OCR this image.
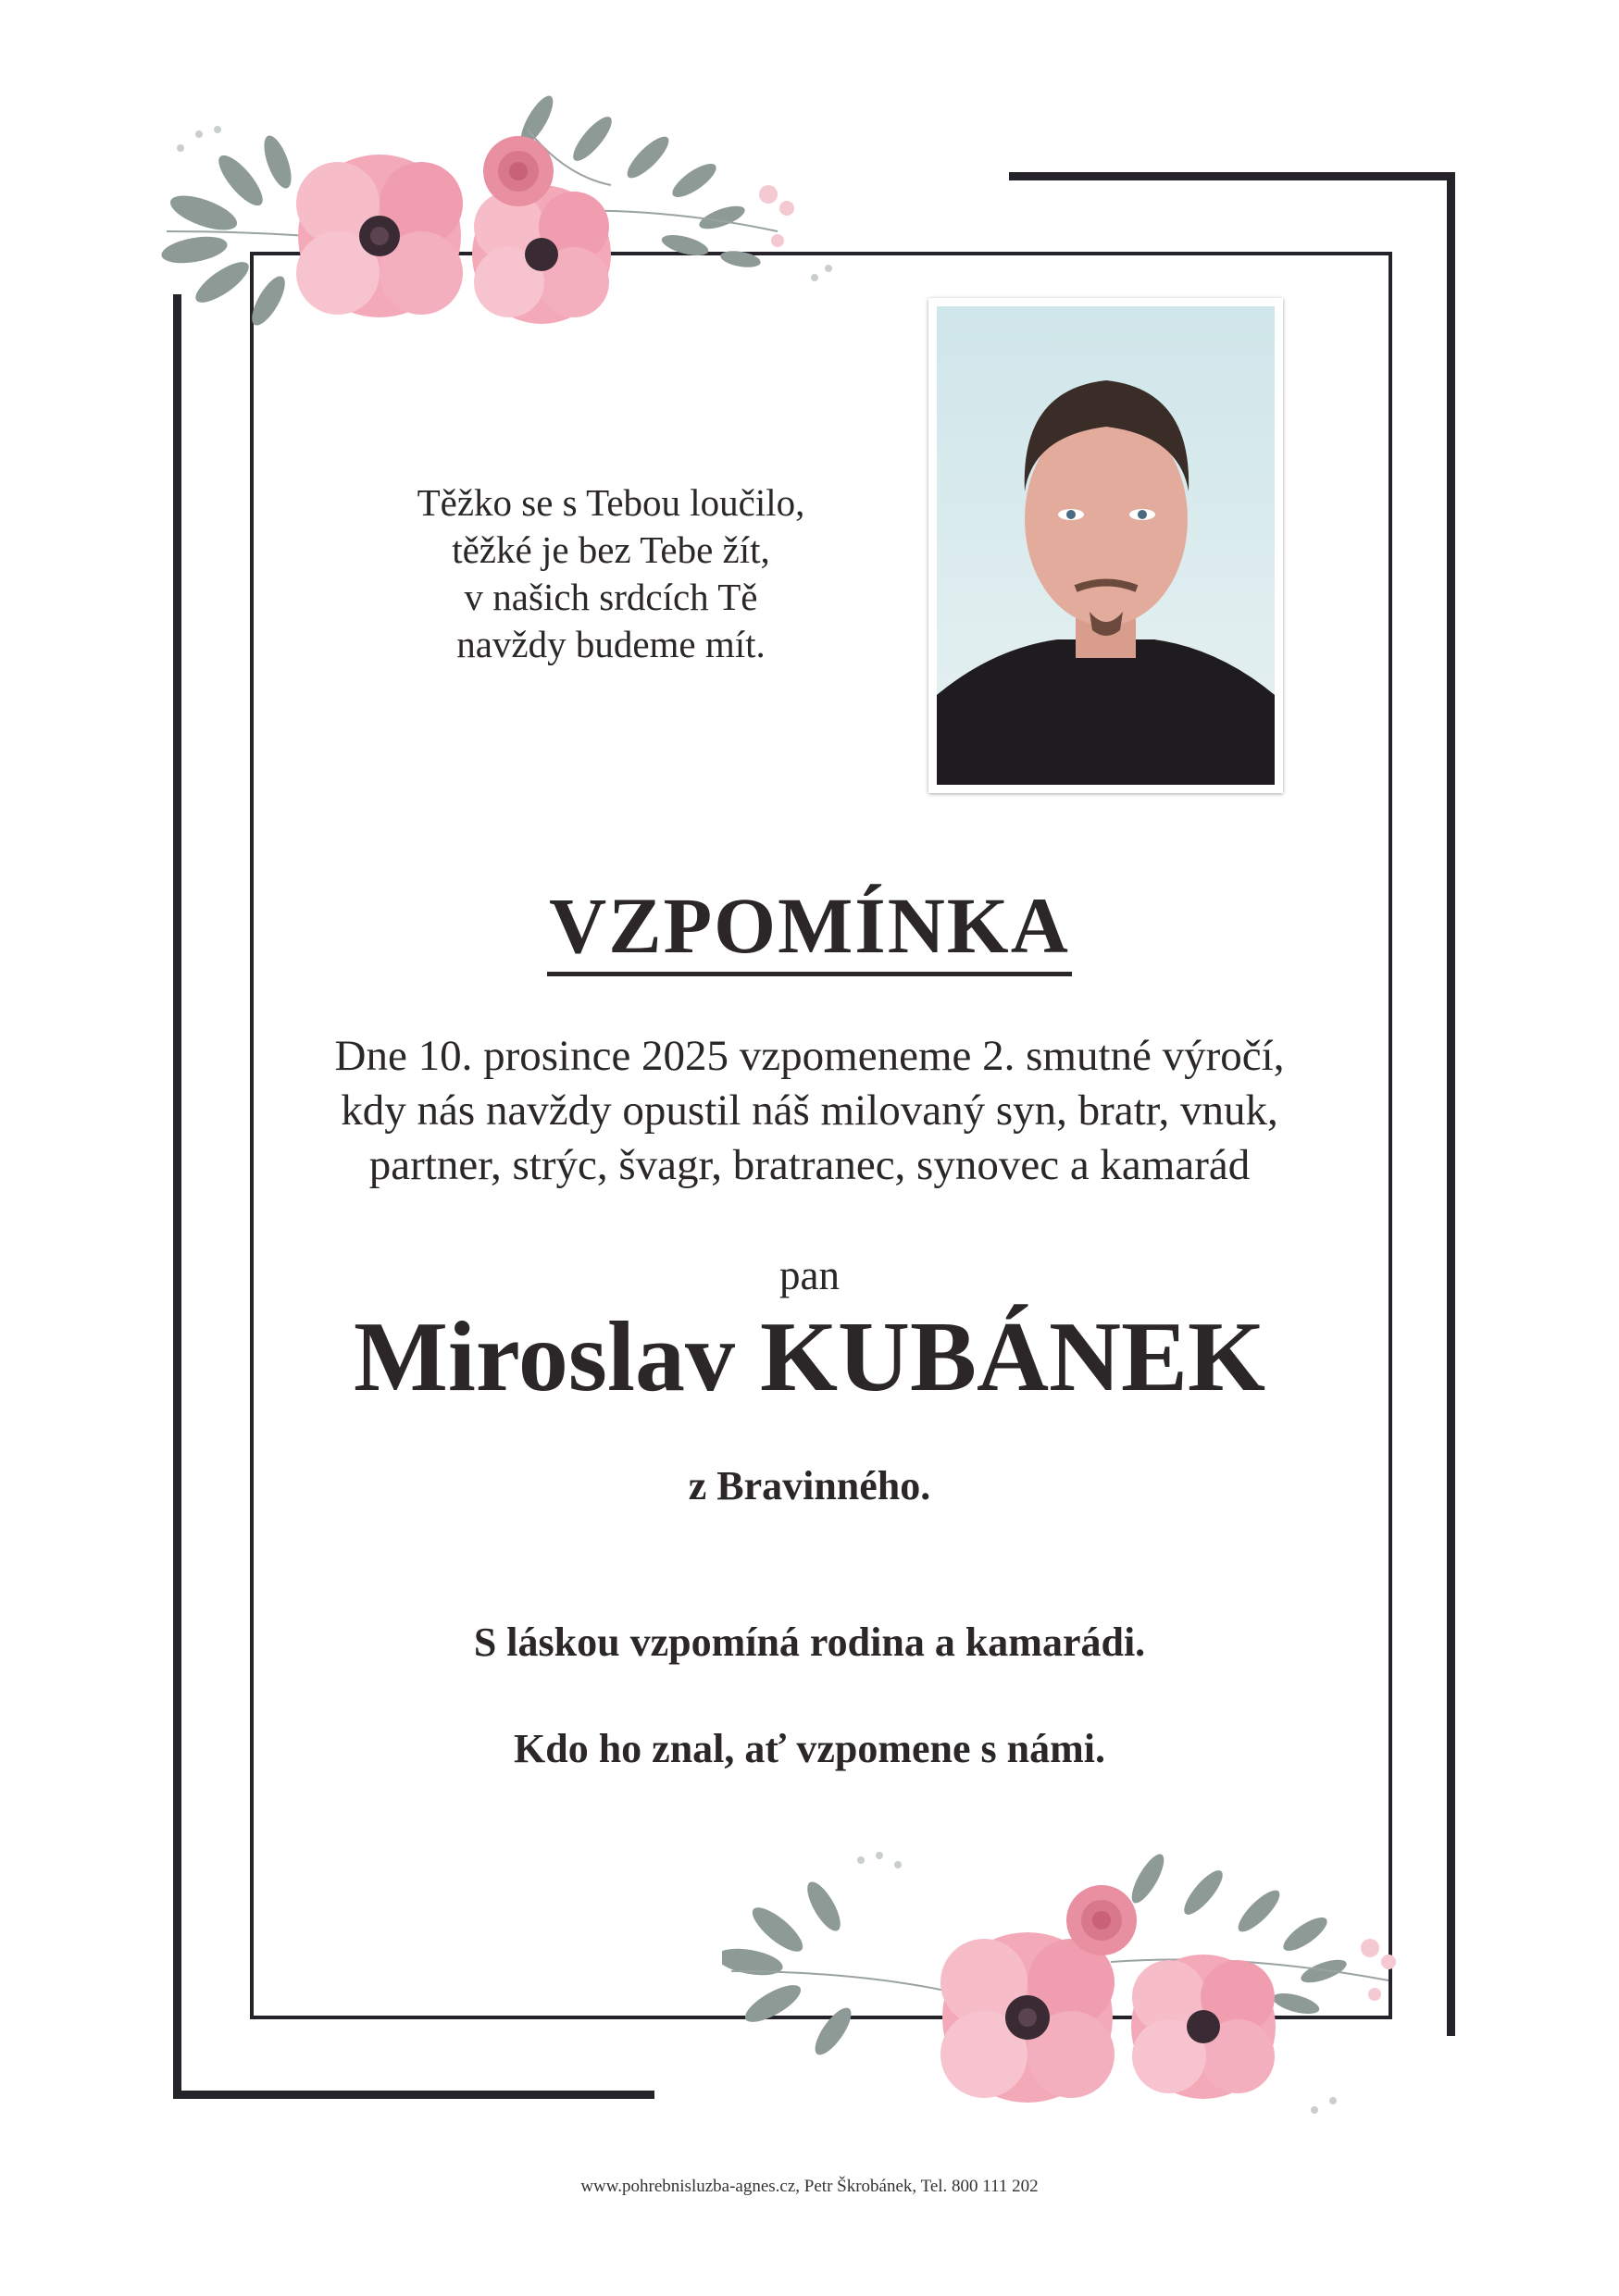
Těžko se s Tebou loučilo,
těžké je bez Tebe žít,
v našich srdcích Tě
navždy budeme mít.
VZPOMÍNKA
Dne 10. prosince 2025 vzpomeneme 2. smutné výročí,
kdy nás navždy opustil náš milovaný syn, bratr, vnuk,
partner, strýc, švagr, bratranec, synovec a kamarád
pan
Miroslav KUBÁNEK
z Bravinného.
S láskou vzpomíná rodina a kamarádi.
Kdo ho znal, ať vzpomene s námi.
www.pohrebnisluzba-agnes.cz, Petr Škrobánek, Tel. 800 111 202
